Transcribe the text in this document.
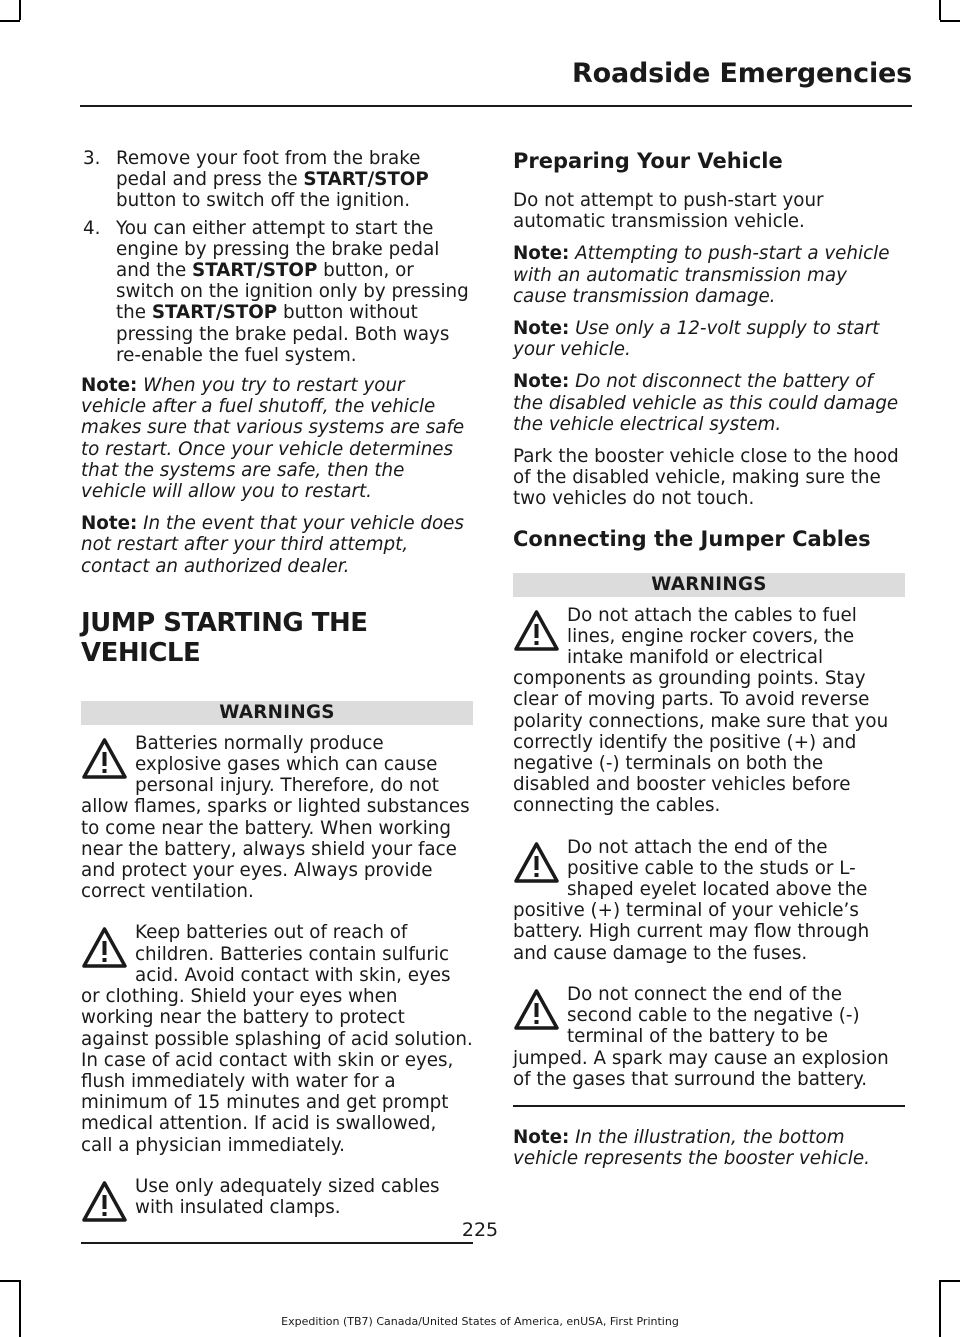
Roadside Emergencies
3. Remove your foot from the brake pedal and press the START/STOP button to switch off the ignition.
4. You can either attempt to start the engine by pressing the brake pedal and the START/STOP button, or switch on the ignition only by pressing the START/STOP button without pressing the brake pedal. Both ways re-enable the fuel system.

Note: When you try to restart your vehicle after a fuel shutoff, the vehicle makes sure that various systems are safe to restart. Once your vehicle determines that the systems are safe, then the vehicle will allow you to restart.

Note: In the event that your vehicle does not restart after your third attempt, contact an authorized dealer.

JUMP STARTING THE VEHICLE
WARNINGS
Batteries normally produce explosive gases which can cause personal injury. Therefore, do not allow flames, sparks or lighted substances to come near the battery. When working near the battery, always shield your face and protect your eyes. Always provide correct ventilation.
Keep batteries out of reach of children. Batteries contain sulfuric acid. Avoid contact with skin, eyes or clothing. Shield your eyes when working near the battery to protect against possible splashing of acid solution. In case of acid contact with skin or eyes, flush immediately with water for a minimum of 15 minutes and get prompt medical attention. If acid is swallowed, call a physician immediately.
Use only adequately sized cables with insulated clamps.
Preparing Your Vehicle

Do not attempt to push-start your automatic transmission vehicle.

Note: Attempting to push-start a vehicle with an automatic transmission may cause transmission damage.

Note: Use only a 12-volt supply to start your vehicle.

Note: Do not disconnect the battery of the disabled vehicle as this could damage the vehicle electrical system.

Park the booster vehicle close to the hood of the disabled vehicle, making sure the two vehicles do not touch.

Connecting the Jumper Cables
WARNINGS
Do not attach the cables to fuel lines, engine rocker covers, the intake manifold or electrical components as grounding points. Stay clear of moving parts. To avoid reverse polarity connections, make sure that you correctly identify the positive (+) and negative (-) terminals on both the disabled and booster vehicles before connecting the cables.
Do not attach the end of the positive cable to the studs or L-shaped eyelet located above the positive (+) terminal of your vehicle’s battery. High current may flow through and cause damage to the fuses.
Do not connect the end of the second cable to the negative (-) terminal of the battery to be jumped. A spark may cause an explosion of the gases that surround the battery.

Note: In the illustration, the bottom vehicle represents the booster vehicle.

225
Expedition (TB7) Canada/United States of America, enUSA, First Printing
